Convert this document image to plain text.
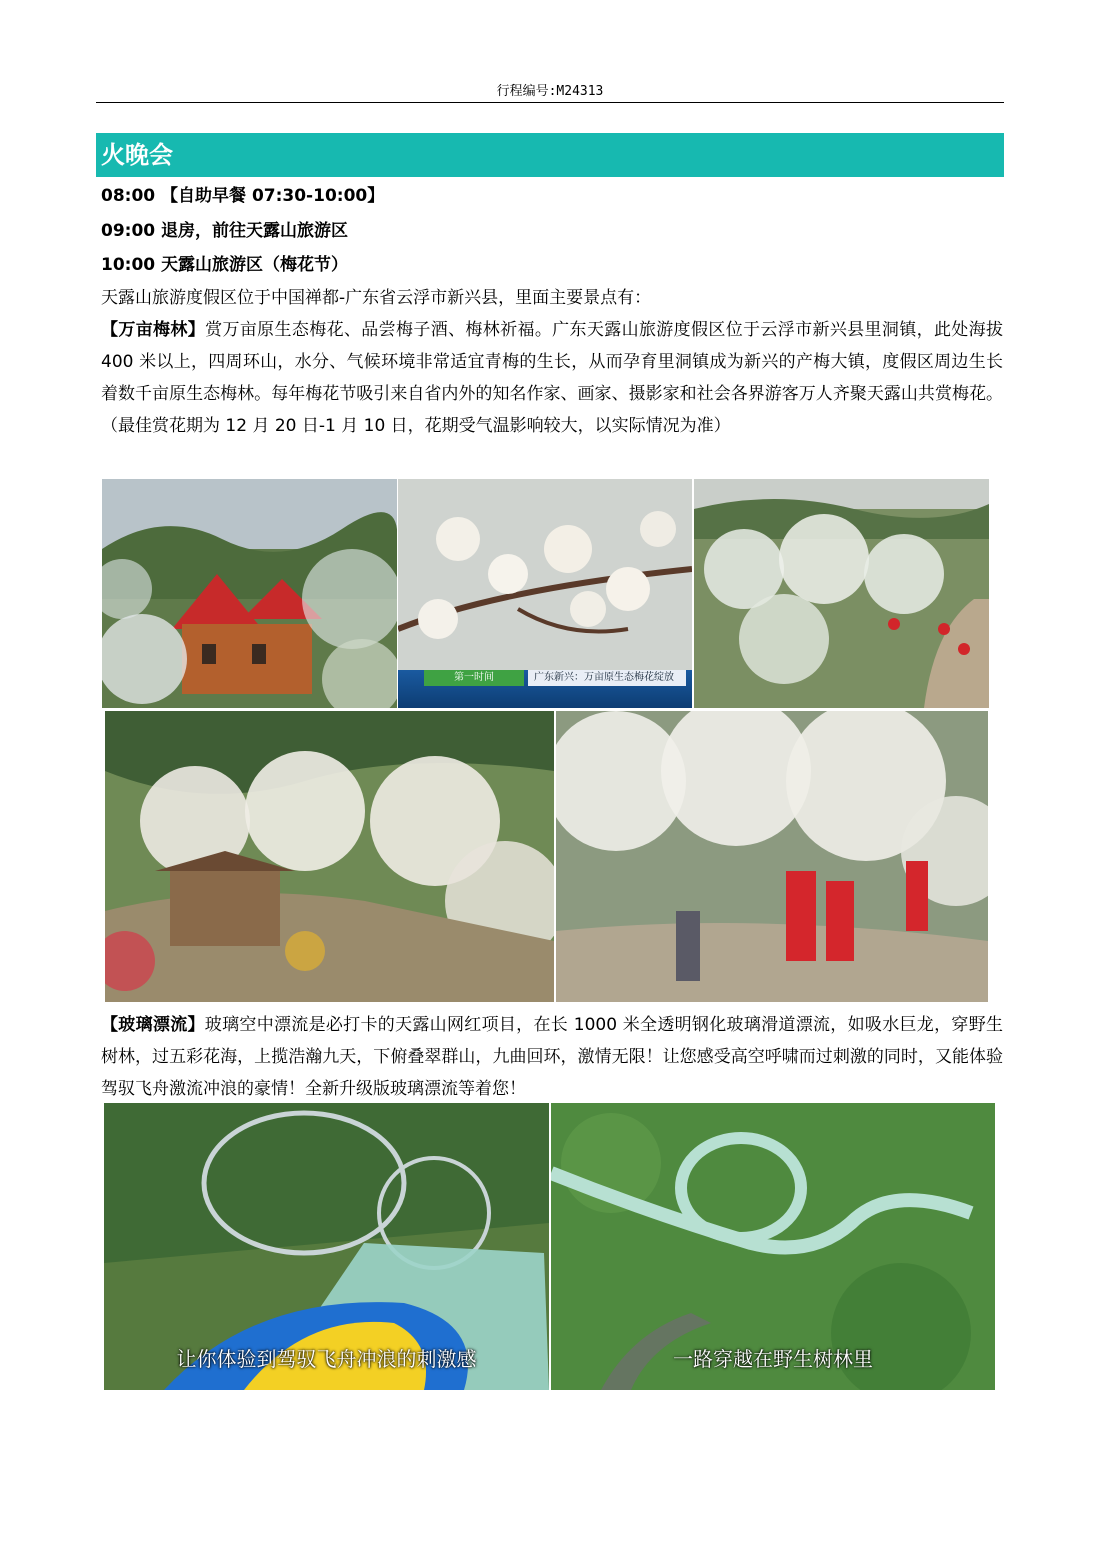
行程编号:M24313
火晚会
08:00 【自助早餐 07:30-10:00】
09:00 退房，前往天露山旅游区
10:00 天露山旅游区（梅花节）
天露山旅游度假区位于中国禅都-广东省云浮市新兴县，里面主要景点有：
【万亩梅林】赏万亩原生态梅花、品尝梅子酒、梅林祈福。广东天露山旅游度假区位于云浮市新兴县里洞镇，此处海拔 400 米以上，四周环山，水分、气候环境非常适宜青梅的生长，从而孕育里洞镇成为新兴的产梅大镇，度假区周边生长着数千亩原生态梅林。每年梅花节吸引来自省内外的知名作家、画家、摄影家和社会各界游客万人齐聚天露山共赏梅花。（最佳赏花期为 12 月 20 日-1 月 10 日，花期受气温影响较大，以实际情况为准）
第一时间	广东新兴：万亩原生态梅花绽放
【玻璃漂流】玻璃空中漂流是必打卡的天露山网红项目，在长 1000 米全透明钢化玻璃滑道漂流，如吸水巨龙，穿野生树林，过五彩花海，上揽浩瀚九天，下俯叠翠群山，九曲回环，激情无限！让您感受高空呼啸而过刺激的同时，又能体验驾驭飞舟激流冲浪的豪情！全新升级版玻璃漂流等着您！
让你体验到驾驭飞舟冲浪的刺激感	一路穿越在野生树林里
